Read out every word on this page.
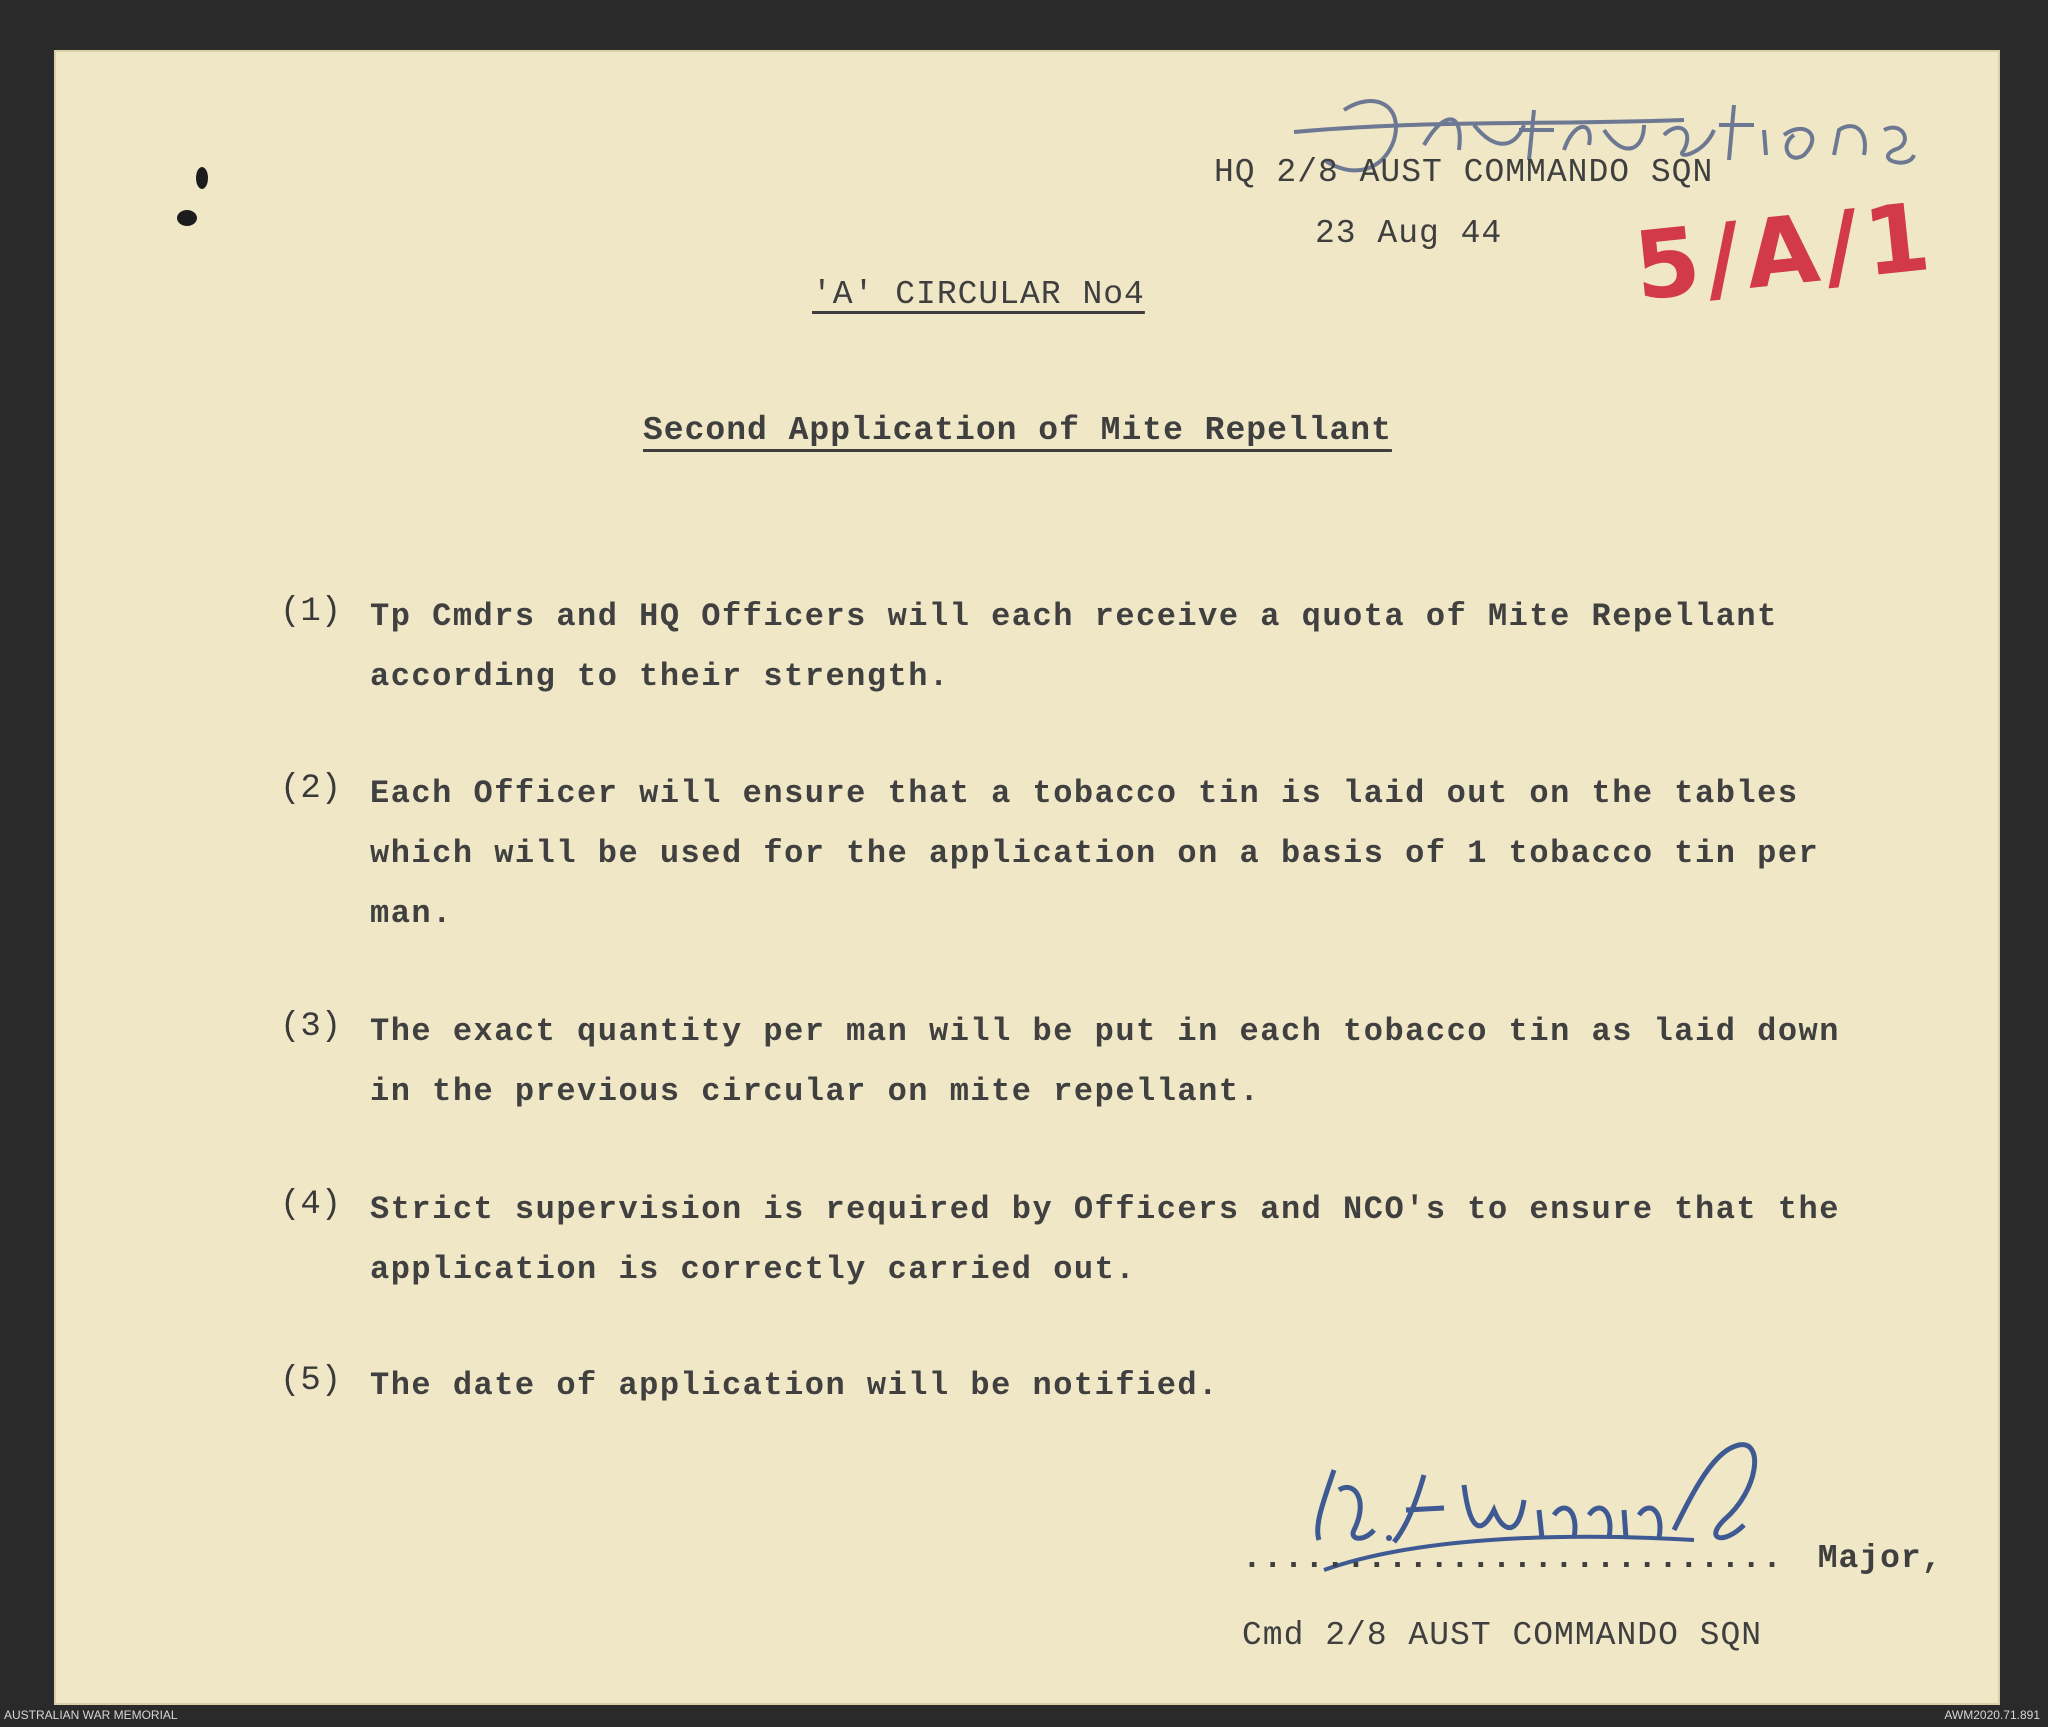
5/A/1
HQ 2/8 AUST COMMANDO SQN
23 Aug 44
'A' CIRCULAR No4
Second Application of Mite Repellant
(1) Tp Cmdrs and HQ Officers will each receive a quota of Mite Repellant
according to their strength.
(2) Each Officer will ensure that a tobacco tin is laid out on the tables
which will be used for the application on a basis of 1 tobacco tin per
man.
(3) The exact quantity per man will be put in each tobacco tin as laid down
in the previous circular on mite repellant.
(4) Strict supervision is required by Officers and NCO's to ensure that the
application is correctly carried out.
(5) The date of application will be notified.
.......................... Major,
Cmd 2/8 AUST COMMANDO SQN
AUSTRALIAN WAR MEMORIAL	AWM2020.71.891
